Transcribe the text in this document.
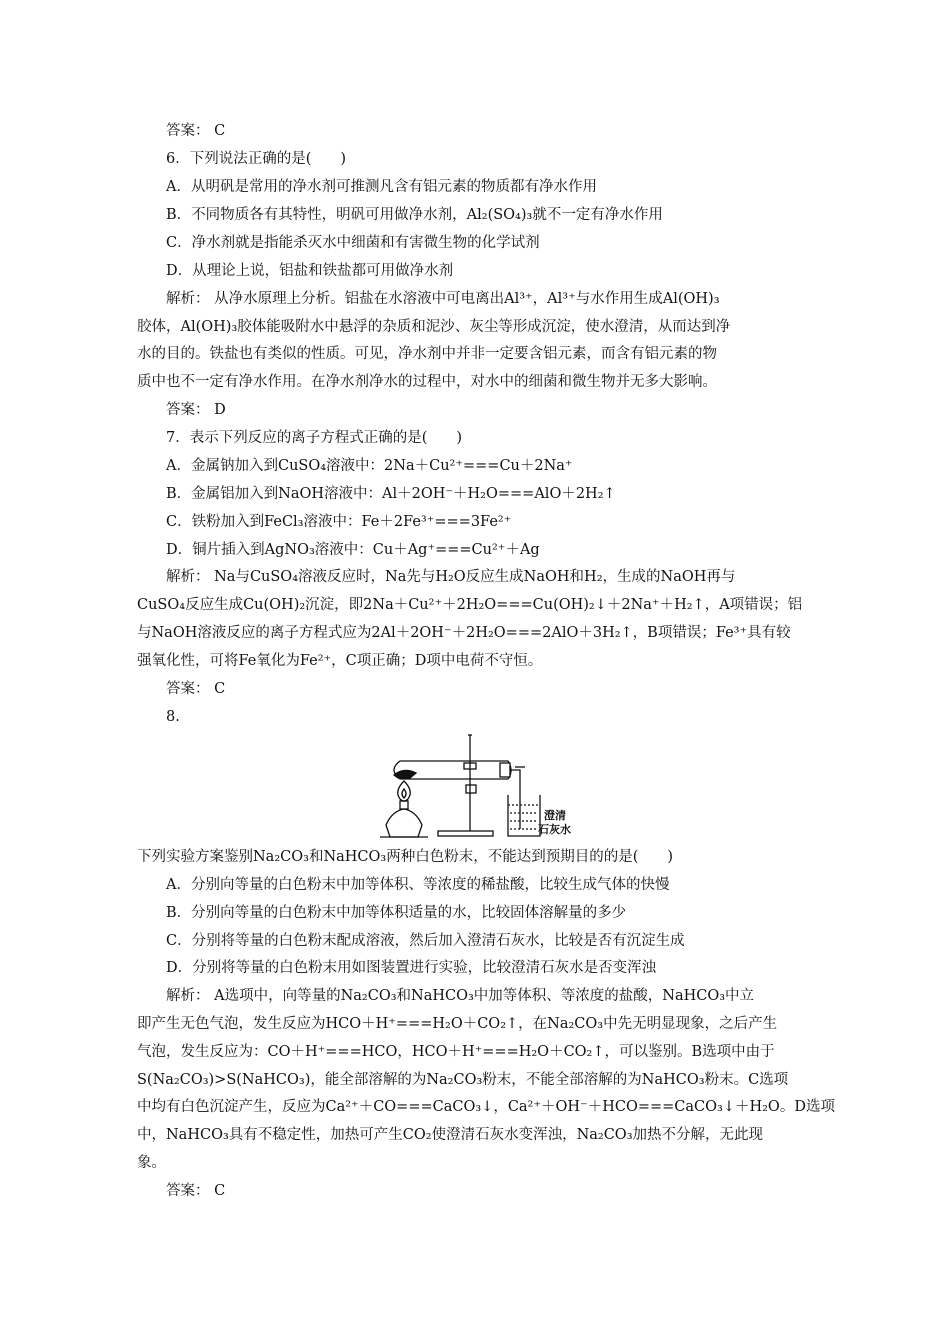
答案： C
6．下列说法正确的是(　　)
A．从明矾是常用的净水剂可推测凡含有铝元素的物质都有净水作用
B．不同物质各有其特性，明矾可用做净水剂，Al₂(SO₄)₃就不一定有净水作用
C．净水剂就是指能杀灭水中细菌和有害微生物的化学试剂
D．从理论上说，铝盐和铁盐都可用做净水剂
解析： 从净水原理上分析。铝盐在水溶液中可电离出Al³⁺，Al³⁺与水作用生成Al(OH)₃
胶体，Al(OH)₃胶体能吸附水中悬浮的杂质和泥沙、灰尘等形成沉淀，使水澄清，从而达到净
水的目的。铁盐也有类似的性质。可见，净水剂中并非一定要含铝元素，而含有铝元素的物
质中也不一定有净水作用。在净水剂净水的过程中，对水中的细菌和微生物并无多大影响。
答案： D
7．表示下列反应的离子方程式正确的是(　　)
A．金属钠加入到CuSO₄溶液中：2Na＋Cu²⁺===Cu＋2Na⁺
B．金属铝加入到NaOH溶液中：Al＋2OH⁻＋H₂O===AlO＋2H₂↑
C．铁粉加入到FeCl₃溶液中：Fe＋2Fe³⁺===3Fe²⁺
D．铜片插入到AgNO₃溶液中：Cu＋Ag⁺===Cu²⁺＋Ag
解析： Na与CuSO₄溶液反应时，Na先与H₂O反应生成NaOH和H₂，生成的NaOH再与
CuSO₄反应生成Cu(OH)₂沉淀，即2Na＋Cu²⁺＋2H₂O===Cu(OH)₂↓＋2Na⁺＋H₂↑，A项错误；铝
与NaOH溶液反应的离子方程式应为2Al＋2OH⁻＋2H₂O===2AlO＋3H₂↑，B项错误；Fe³⁺具有较
强氧化性，可将Fe氧化为Fe²⁺，C项正确；D项中电荷不守恒。
答案： C
8.
澄清
石灰水
下列实验方案鉴别Na₂CO₃和NaHCO₃两种白色粉末，不能达到预期目的的是(　　)
A．分别向等量的白色粉末中加等体积、等浓度的稀盐酸，比较生成气体的快慢
B．分别向等量的白色粉末中加等体积适量的水，比较固体溶解量的多少
C．分别将等量的白色粉末配成溶液，然后加入澄清石灰水，比较是否有沉淀生成
D．分别将等量的白色粉末用如图装置进行实验，比较澄清石灰水是否变浑浊
解析： A选项中，向等量的Na₂CO₃和NaHCO₃中加等体积、等浓度的盐酸，NaHCO₃中立
即产生无色气泡，发生反应为HCO＋H⁺===H₂O＋CO₂↑，在Na₂CO₃中先无明显现象，之后产生
气泡，发生反应为：CO＋H⁺===HCO，HCO＋H⁺===H₂O＋CO₂↑，可以鉴别。B选项中由于
S(Na₂CO₃)>S(NaHCO₃)，能全部溶解的为Na₂CO₃粉末，不能全部溶解的为NaHCO₃粉末。C选项
中均有白色沉淀产生，反应为Ca²⁺＋CO===CaCO₃↓，Ca²⁺＋OH⁻＋HCO===CaCO₃↓＋H₂O。D选项
中，NaHCO₃具有不稳定性，加热可产生CO₂使澄清石灰水变浑浊，Na₂CO₃加热不分解，无此现
象。
答案： C
